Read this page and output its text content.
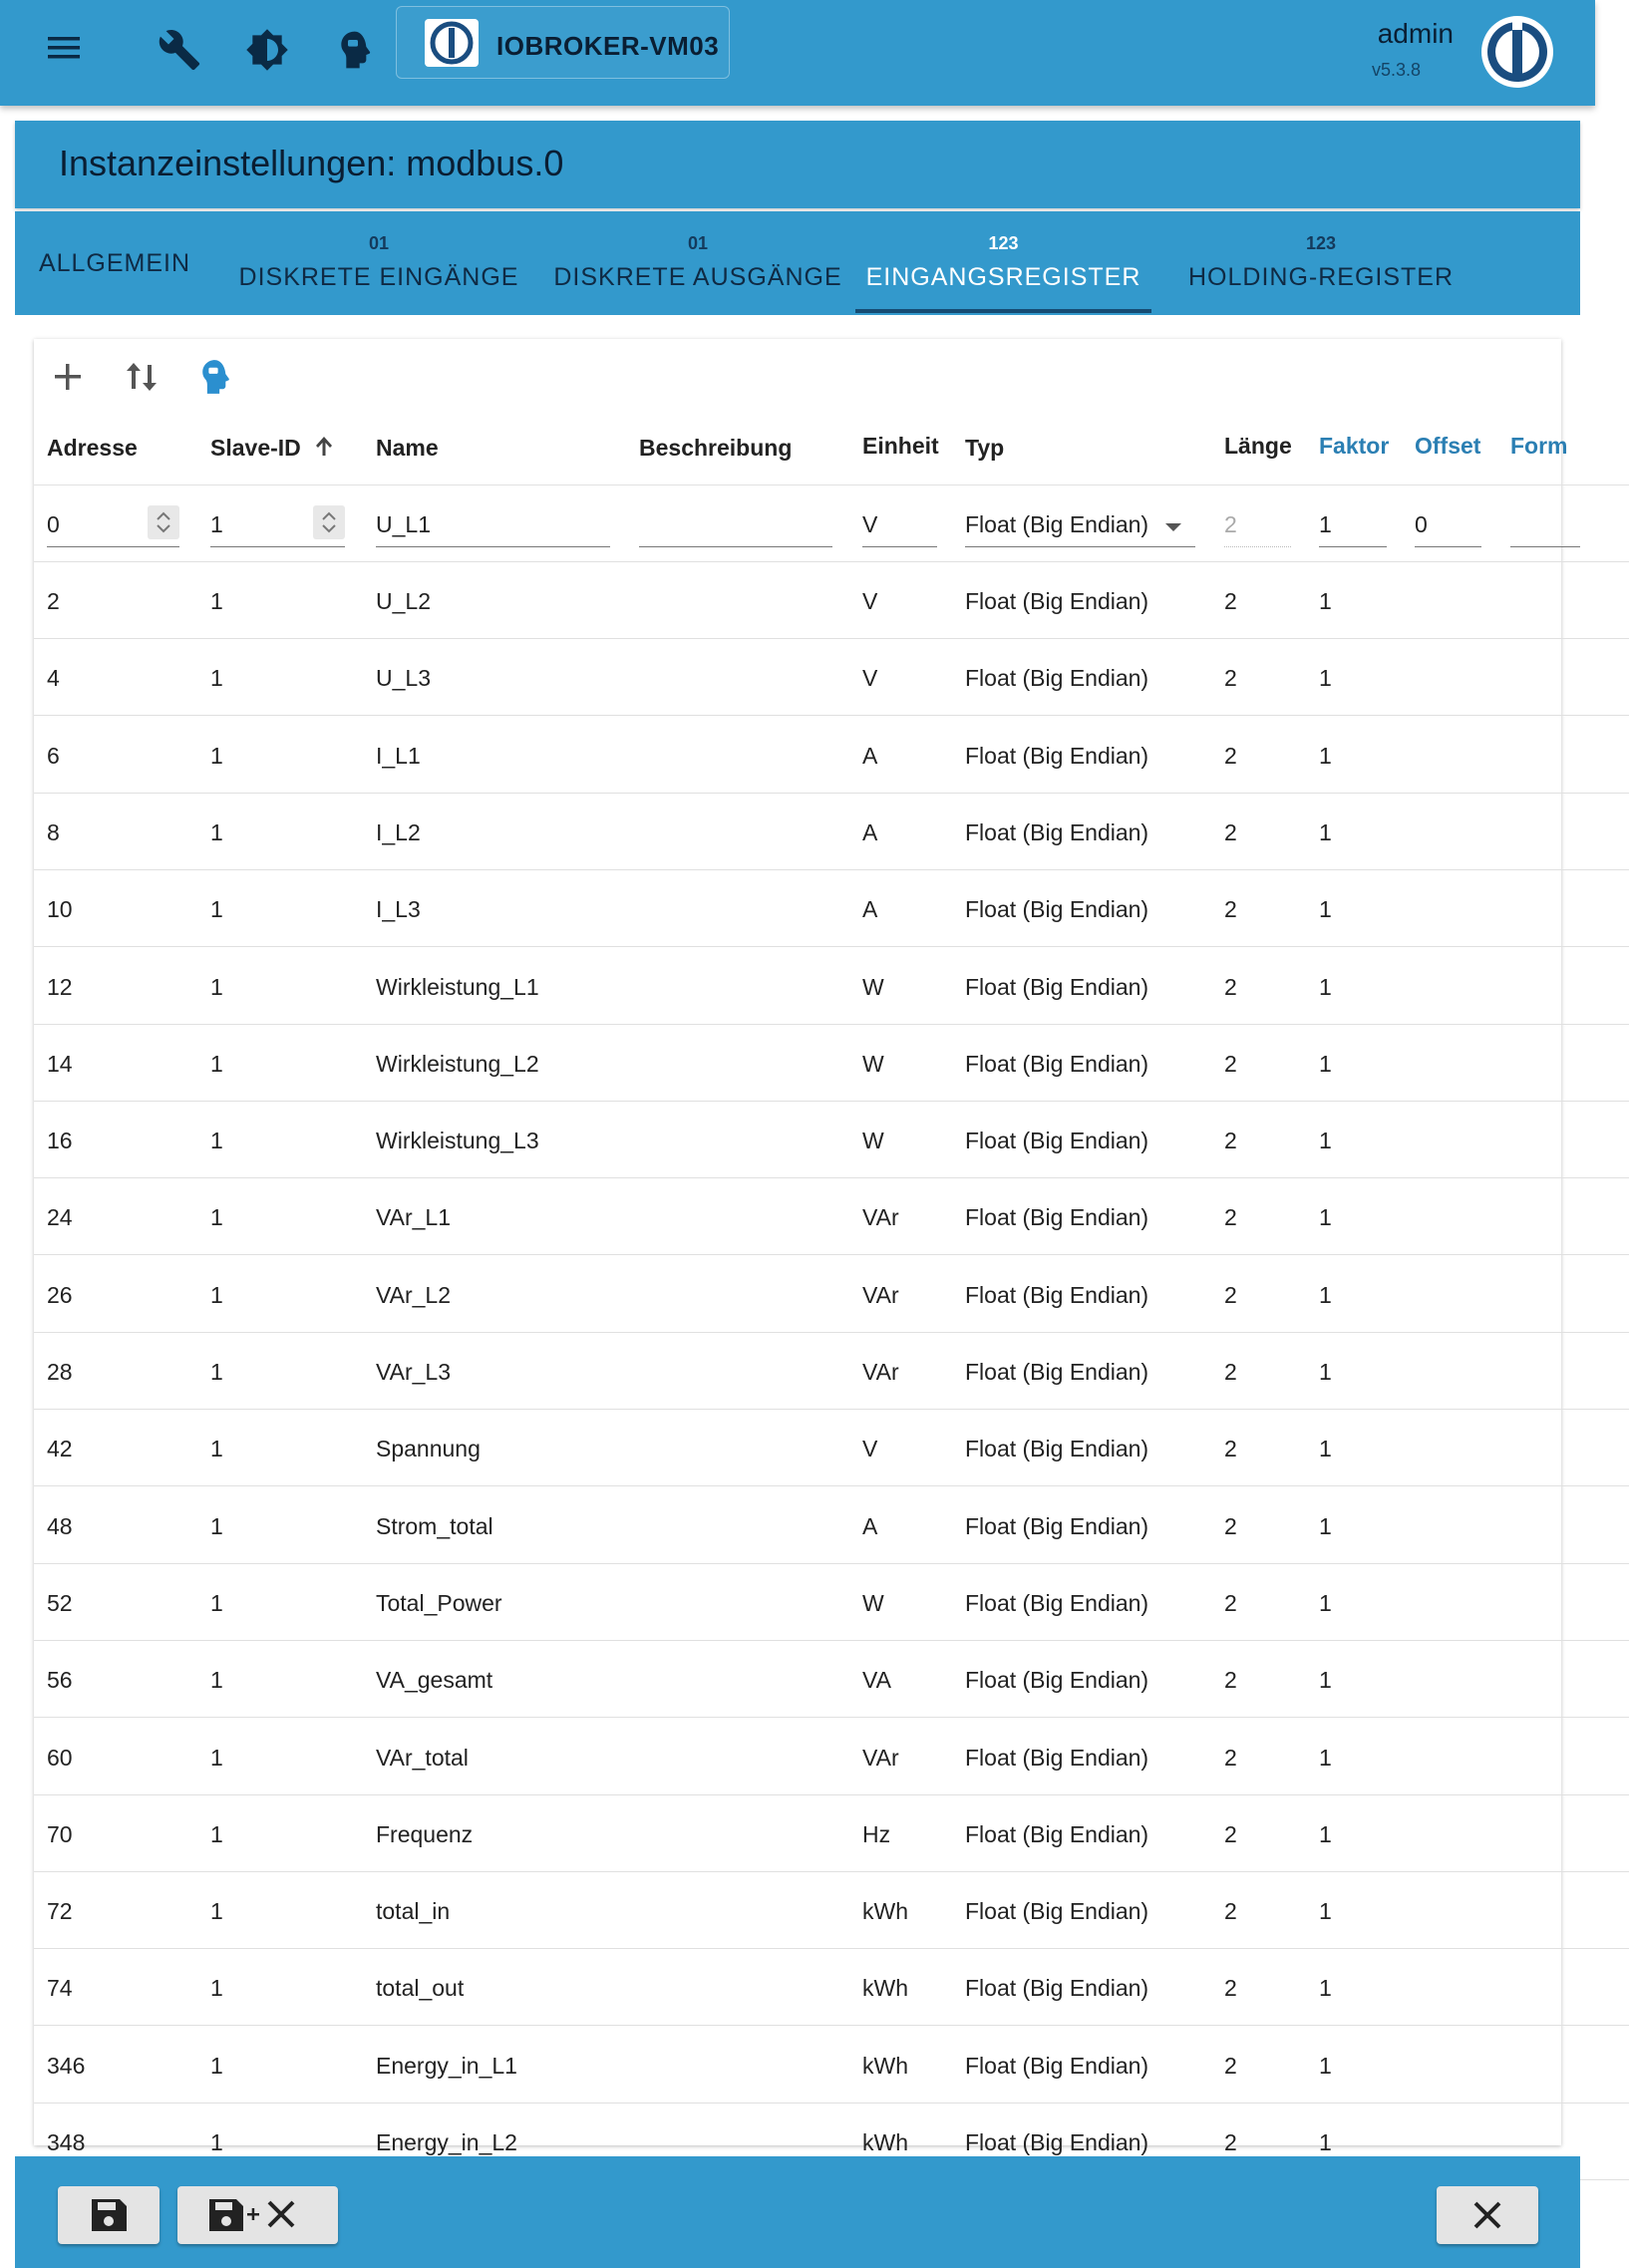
IOBROKER-VM03	admin
v5.3.8
Instanzeinstellungen: modbus.0
ALLGEMEIN
01
DISKRETE EINGÄNGE
01
DISKRETE AUSGÄNGE
123
EINGANGSREGISTER
123
HOLDING-REGISTER
Adresse	Slave-ID	Name	Beschreibung	Einheit Typ	Länge Faktor Offset Form
0	1	U_L1	V	Float (Big Endian)	2	1	0
2	1	U_L2	V	Float (Big Endian)	2	1
4	1	U_L3	V	Float (Big Endian)	2	1
6	1	I_L1	A	Float (Big Endian)	2	1
8	1	I_L2	A	Float (Big Endian)	2	1
10	1	I_L3	A	Float (Big Endian)	2	1
12	1	Wirkleistung_L1	W	Float (Big Endian)	2	1
14	1	Wirkleistung_L2	W	Float (Big Endian)	2	1
16	1	Wirkleistung_L3	W	Float (Big Endian)	2	1
24	1	VAr_L1	VAr	Float (Big Endian)	2	1
26	1	VAr_L2	VAr	Float (Big Endian)	2	1
28	1	VAr_L3	VAr	Float (Big Endian)	2	1
42	1	Spannung	V	Float (Big Endian)	2	1
48	1	Strom_total	A	Float (Big Endian)	2	1
52	1	Total_Power	W	Float (Big Endian)	2	1
56	1	VA_gesamt	VA	Float (Big Endian)	2	1
60	1	VAr_total	VAr	Float (Big Endian)	2	1
70	1	Frequenz	Hz	Float (Big Endian)	2	1
72	1	total_in	kWh Float (Big Endian)	2	1
74	1	total_out	kWh Float (Big Endian)	2	1
346	1	Energy_in_L1	kWh Float (Big Endian)	2	1
348	1	Energy_in_L2	kWh Float (Big Endian)	2	1
